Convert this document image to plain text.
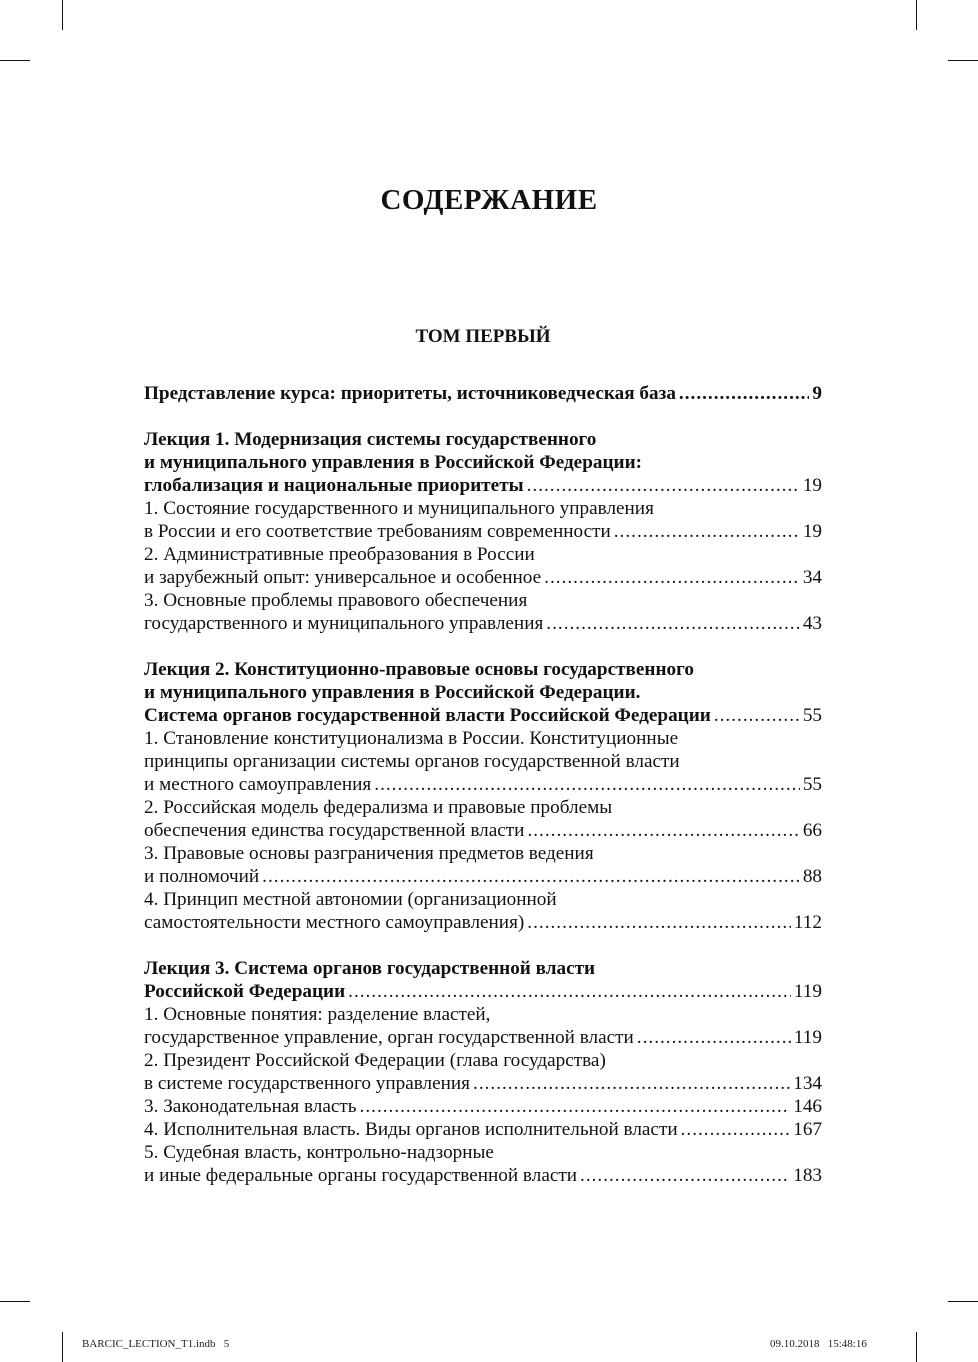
СОДЕРЖАНИЕ
ТОМ ПЕРВЫЙ
Представление курса: приоритеты, источниковедческая база .....	9
Лекция 1. Модернизация системы государственного
и муниципального управления в Российской Федерации:
глобализация и национальные приоритеты .....	19
1. Состояние государственного и муниципального управления
в России и его соответствие требованиям современности .....	19
2. Административные преобразования в России
и зарубежный опыт: универсальное и особенное .....	34
3. Основные проблемы правового обеспечения
государственного и муниципального управления .....	43
Лекция 2. Конституционно-правовые основы государственного
и муниципального управления в Российской Федерации.
Система органов государственной власти Российской Федерации .....	55
1. Становление конституционализма в России. Конституционные
принципы организации системы органов государственной власти
и местного самоуправления .....	55
2. Российская модель федерализма и правовые проблемы
обеспечения единства государственной власти .....	66
3. Правовые основы разграничения предметов ведения
и полномочий .....	88
4. Принцип местной автономии (организационной
самостоятельности местного самоуправления) .....	112
Лекция 3. Система органов государственной власти
Российской Федерации .....	119
1. Основные понятия: разделение властей,
государственное управление, орган государственной власти .....	119
2. Президент Российской Федерации (глава государства)
в системе государственного управления .....	134
3. Законодательная власть .....	146
4. Исполнительная власть. Виды органов исполнительной власти .....	167
5. Судебная власть, контрольно-надзорные
и иные федеральные органы государственной власти .....	183
BARCIC_LECTION_T1.indb   5	09.10.2018   15:48:16
